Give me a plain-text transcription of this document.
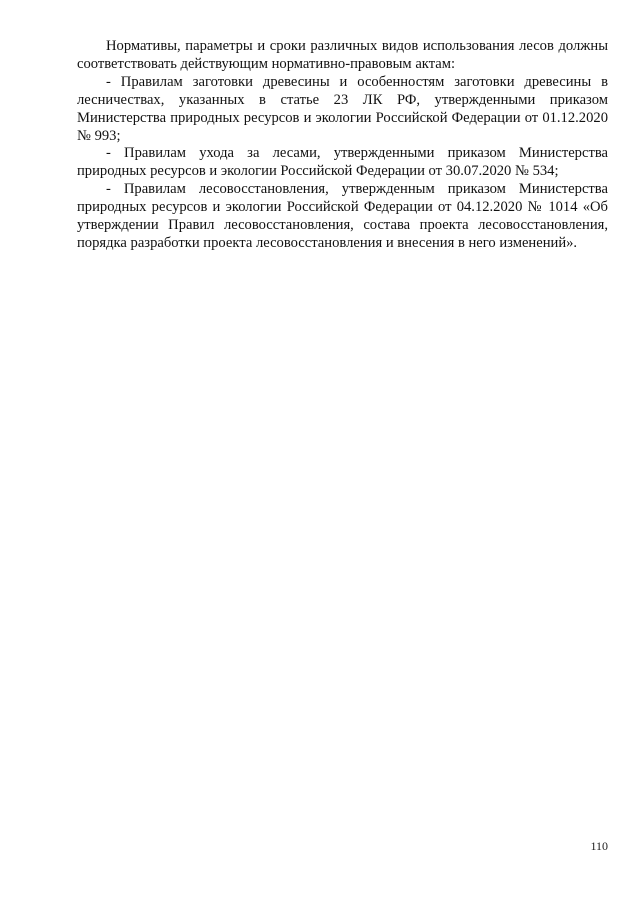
Нормативы, параметры и сроки различных видов использования лесов должны соответствовать действующим нормативно-правовым актам:

- Правилам заготовки древесины и особенностям заготовки древесины в лесничествах, указанных в статье 23 ЛК РФ, утвержденными приказом Министерства природных ресурсов и экологии Российской Федерации от 01.12.2020 № 993;

- Правилам ухода за лесами, утвержденными приказом Министерства природных ресурсов и экологии Российской Федерации от 30.07.2020 № 534;

- Правилам лесовосстановления, утвержденным приказом Министерства природных ресурсов и экологии Российской Федерации от 04.12.2020 № 1014 «Об утверждении Правил лесовосстановления, состава проекта лесовосстановления, порядка разработки проекта лесовосстановления и внесения в него изменений».

110
